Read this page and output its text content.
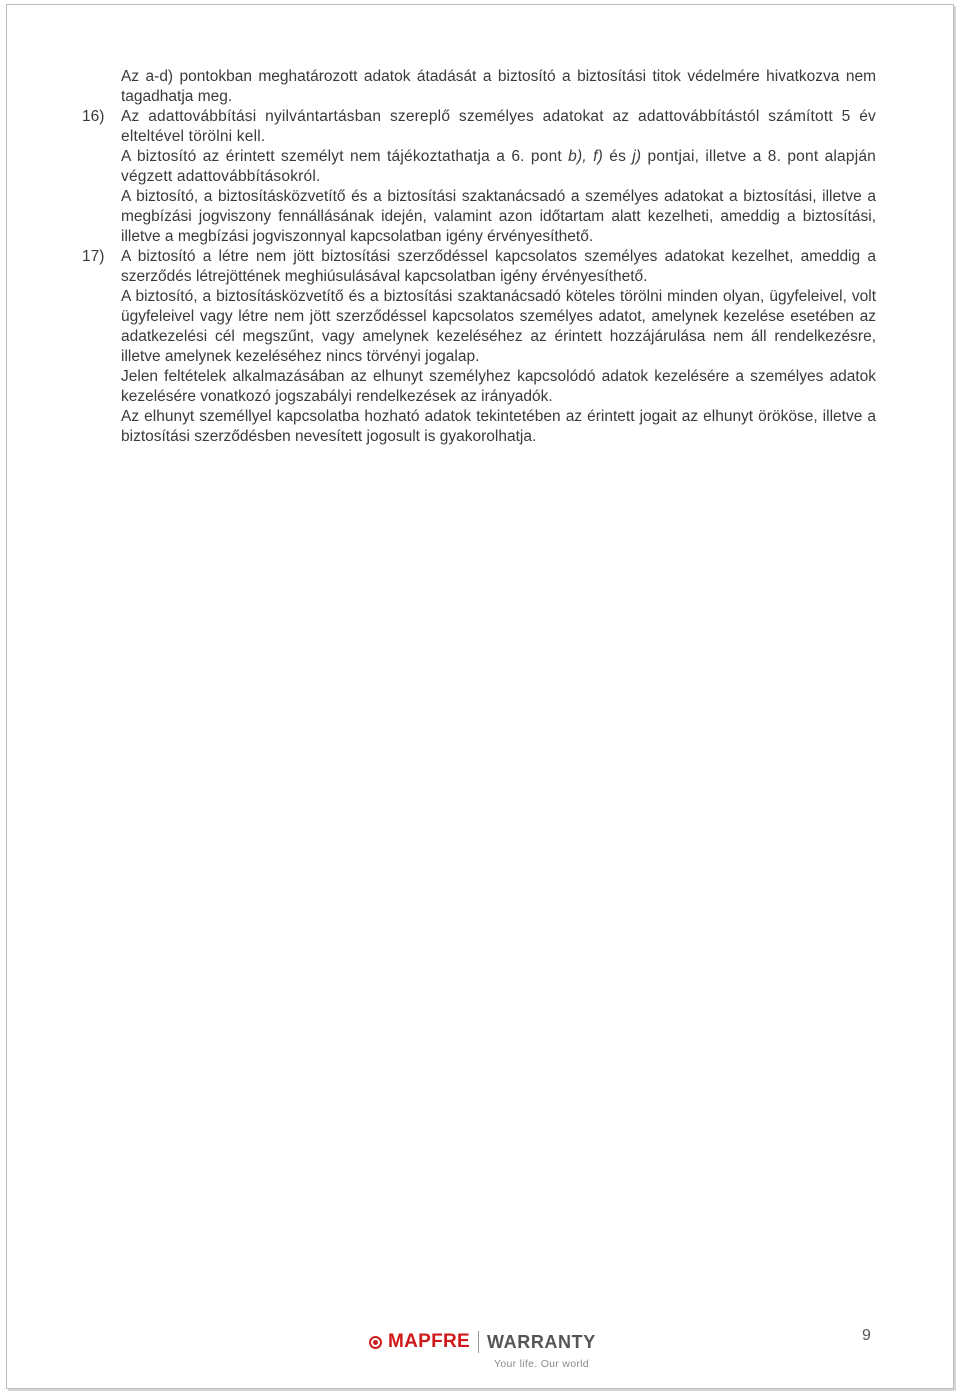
Az a-d) pontokban meghatározott adatok átadását a biztosító a biztosítási titok védelmére hivatkozva nem tagadhatja meg.

16) Az adattovábbítási nyilvántartásban szereplő személyes adatokat az adattovábbítástól számított 5 év elteltével törölni kell.

A biztosító az érintett személyt nem tájékoztathatja a 6. pont b), f) és j) pontjai, illetve a 8. pont alapján végzett adattovábbításokról.

A biztosító, a biztosításközvetítő és a biztosítási szaktanácsadó a személyes adatokat a biztosítási, illetve a megbízási jogviszony fennállásának idején, valamint azon időtartam alatt kezelheti, ameddig a biztosítási, illetve a megbízási jogviszonnyal kapcsolatban igény érvényesíthető.

17) A biztosító a létre nem jött biztosítási szerződéssel kapcsolatos személyes adatokat kezelhet, ameddig a szerződés létrejöttének meghiúsulásával kapcsolatban igény érvényesíthető.

A biztosító, a biztosításközvetítő és a biztosítási szaktanácsadó köteles törölni minden olyan, ügyfeleivel, volt ügyfeleivel vagy létre nem jött szerződéssel kapcsolatos személyes adatot, amelynek kezelése esetében az adatkezelési cél megszűnt, vagy amelynek kezeléséhez az érintett hozzájárulása nem áll rendelkezésre, illetve amelynek kezeléséhez nincs törvényi jogalap.

Jelen feltételek alkalmazásában az elhunyt személyhez kapcsolódó adatok kezelésére a személyes adatok kezelésére vonatkozó jogszabályi rendelkezések az irányadók.

Az elhunyt személlyel kapcsolatba hozható adatok tekintetében az érintett jogait az elhunyt örököse, illetve a biztosítási szerződésben nevesített jogosult is gyakorolhatja.

MAPFRE WARRANTY
Your life. Our world
9
